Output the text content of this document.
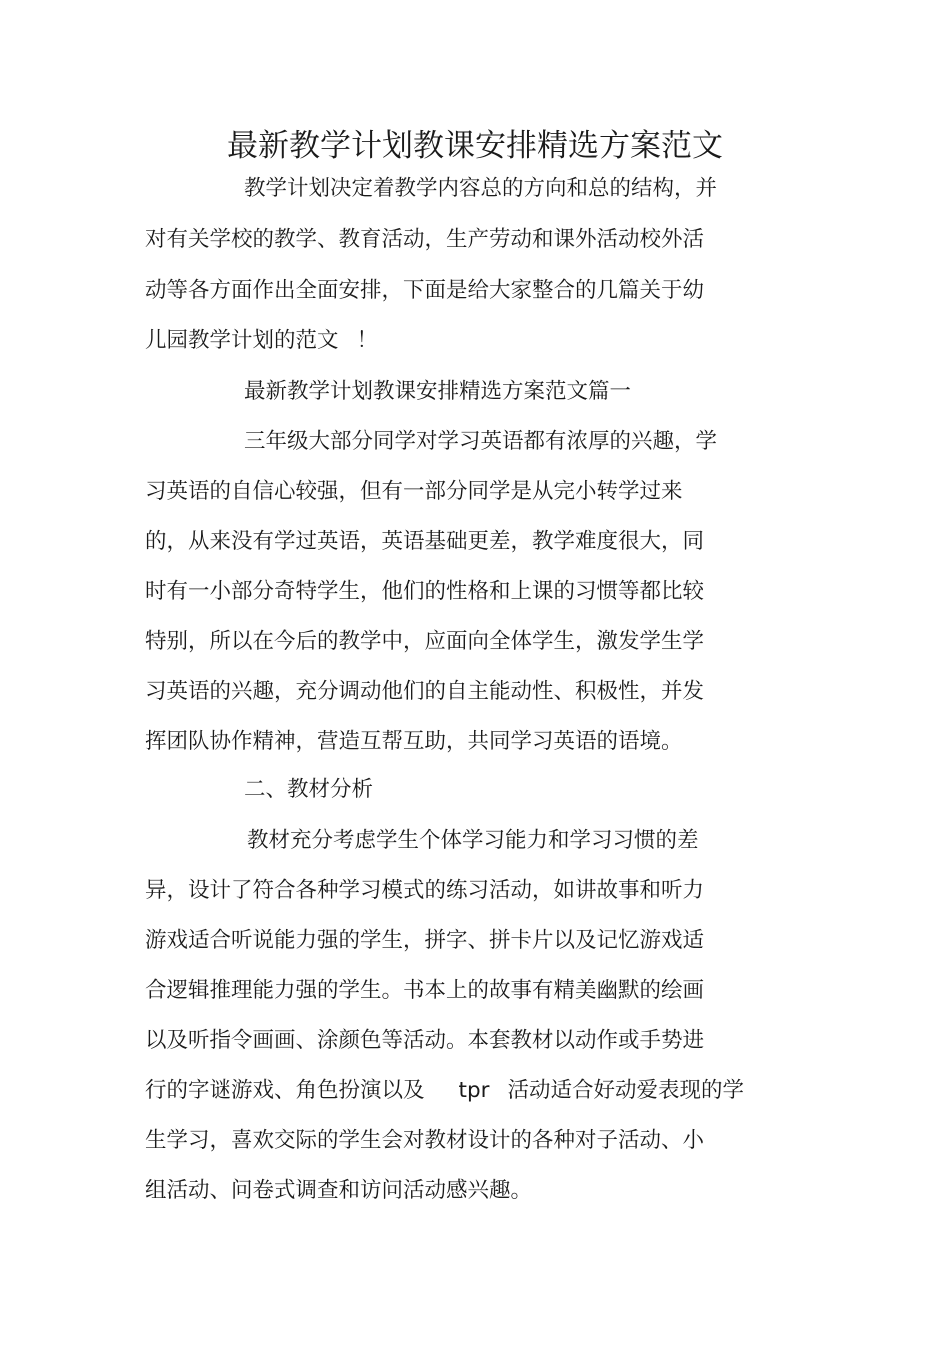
最新教学计划教课安排精选方案范文

教学计划决定着教学内容总的方向和总的结构，并

对有关学校的教学、教育活动，生产劳动和课外活动校外活

动等各方面作出全面安排，下面是给大家整合的几篇关于幼

儿园教学计划的范文 ！

最新教学计划教课安排精选方案范文篇一

三年级大部分同学对学习英语都有浓厚的兴趣，学

习英语的自信心较强，但有一部分同学是从完小转学过来

的，从来没有学过英语，英语基础更差，教学难度很大，同

时有一小部分奇特学生，他们的性格和上课的习惯等都比较

特别，所以在今后的教学中，应面向全体学生，激发学生学

习英语的兴趣，充分调动他们的自主能动性、积极性，并发

挥团队协作精神，营造互帮互助，共同学习英语的语境。

二、教材分析

教材充分考虑学生个体学习能力和学习习惯的差

异，设计了符合各种学习模式的练习活动，如讲故事和听力

游戏适合听说能力强的学生，拼字、拼卡片以及记忆游戏适

合逻辑推理能力强的学生。书本上的故事有精美幽默的绘画

以及听指令画画、涂颜色等活动。本套教材以动作或手势进

行的字谜游戏、角色扮演以及 tpr 活动适合好动爱表现的学

生学习，喜欢交际的学生会对教材设计的各种对子活动、小

组活动、问卷式调查和访问活动感兴趣。
